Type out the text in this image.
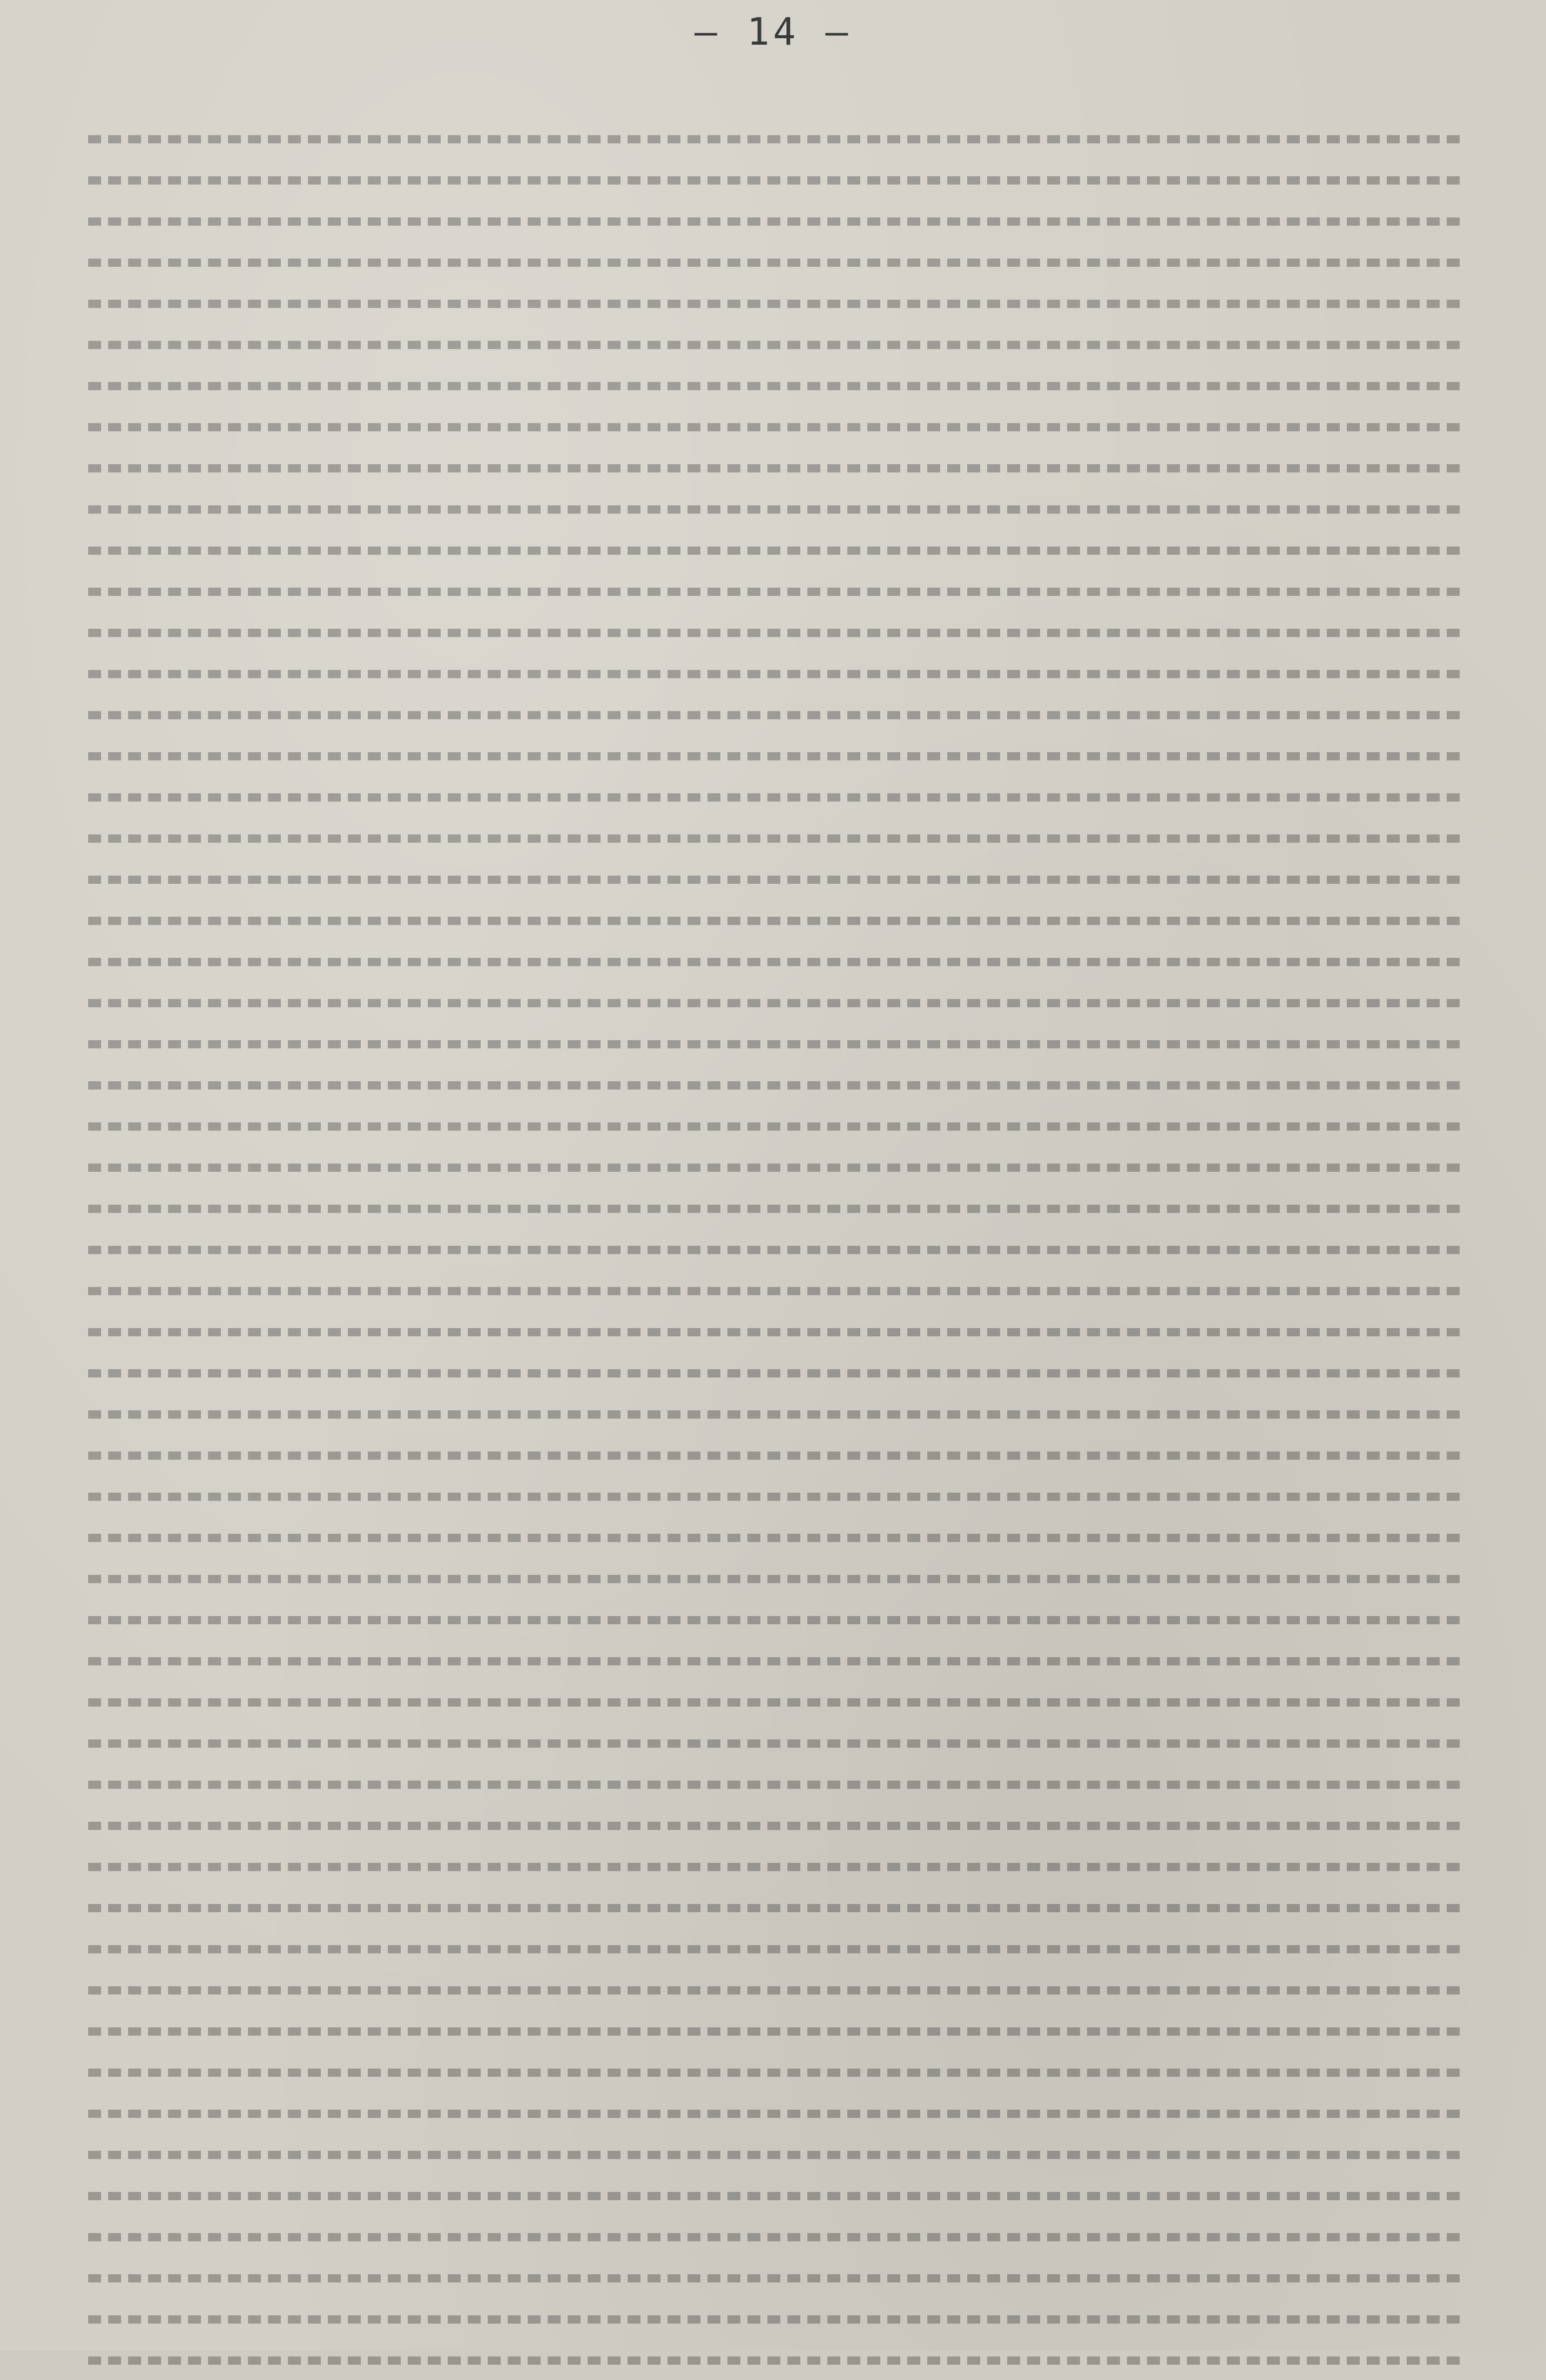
– 14 –
